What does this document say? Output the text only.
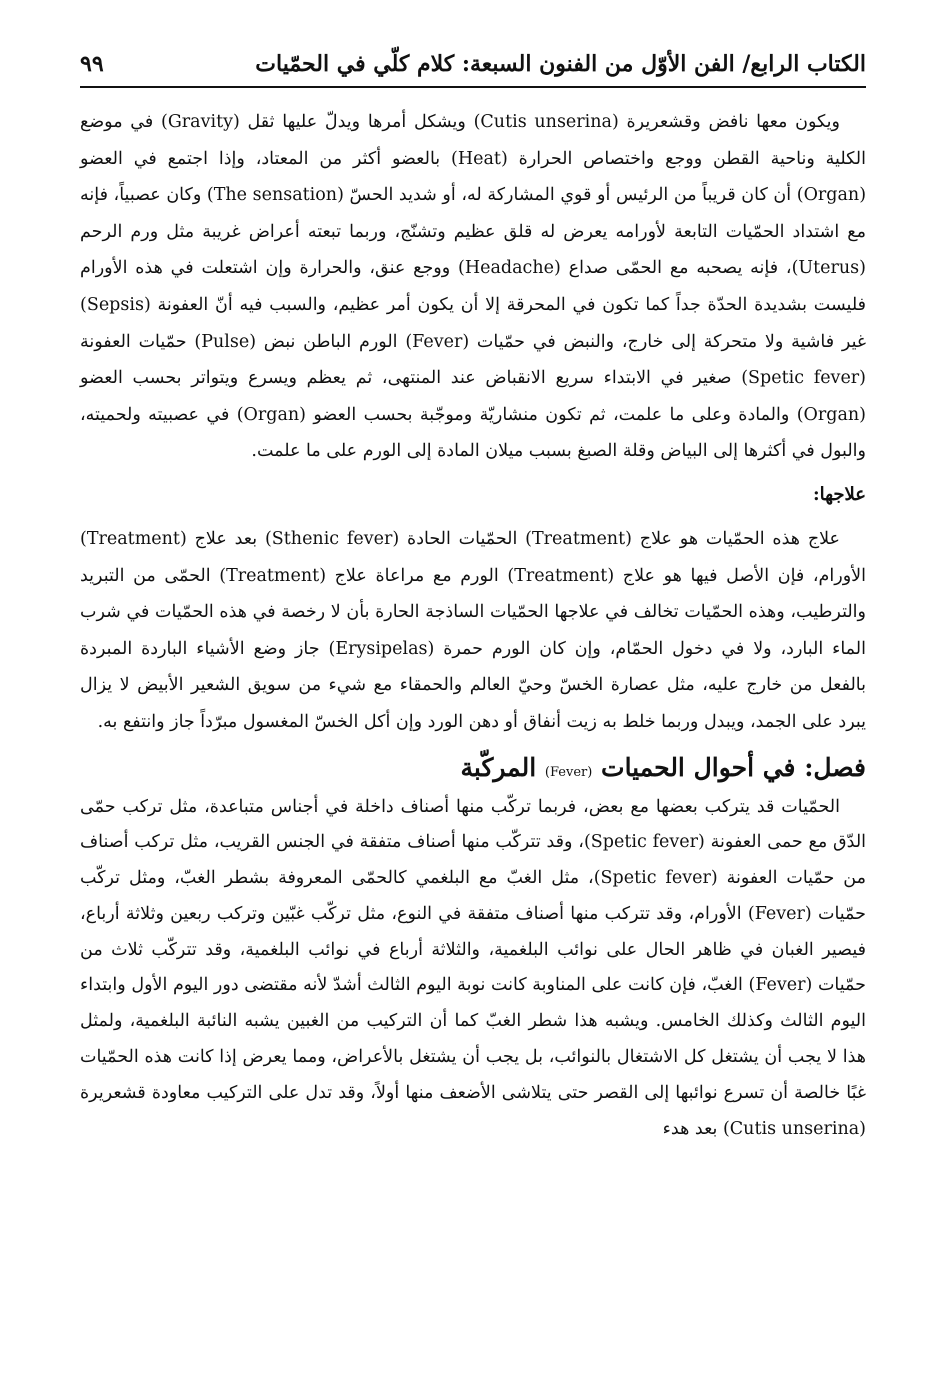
٩٩	الكتاب الرابع/ الفن الأوّل من الفنون السبعة: كلام كلّي في الحمّيات

ويكون معها نافض وقشعريرة (Cutis unserina) ويشكل أمرها ويدلّ عليها ثقل (Gravity) في موضع الكلية وناحية القطن ووجع واختصاص الحرارة (Heat) بالعضو أكثر من المعتاد، وإذا اجتمع في العضو (Organ) أن كان قريباً من الرئيس أو قوي المشاركة له، أو شديد الحسّ (The sensation) وكان عصبياً، فإنه مع اشتداد الحمّيات التابعة لأورامه يعرض له قلق عظيم وتشنّج، وربما تبعته أعراض غريبة مثل ورم الرحم (Uterus)، فإنه يصحبه مع الحمّى صداع (Headache) ووجع عنق، والحرارة وإن اشتعلت في هذه الأورام فليست بشديدة الحدّة جداً كما تكون في المحرقة إلا أن يكون أمر عظيم، والسبب فيه أنّ العفونة (Sepsis) غير فاشية ولا متحركة إلى خارج، والنبض في حمّيات (Fever) الورم الباطن نبض (Pulse) حمّيات العفونة (Spetic fever) صغير في الابتداء سريع الانقباض عند المنتهى، ثم يعظم ويسرع ويتواتر بحسب العضو (Organ) والمادة وعلى ما علمت، ثم تكون منشاريّة وموجّبة بحسب العضو (Organ) في عصبيته ولحميته، والبول في أكثرها إلى البياض وقلة الصبغ بسبب ميلان المادة إلى الورم على ما علمت.

علاجها:

علاج هذه الحمّيات هو علاج (Treatment) الحمّيات الحادة (Sthenic fever) بعد علاج (Treatment) الأورام، فإن الأصل فيها هو علاج (Treatment) الورم مع مراعاة علاج (Treatment) الحمّى من التبريد والترطيب، وهذه الحمّيات تخالف في علاجها الحمّيات الساذجة الحارة بأن لا رخصة في هذه الحمّيات في شرب الماء البارد، ولا في دخول الحمّام، وإن كان الورم حمرة (Erysipelas) جاز وضع الأشياء الباردة المبردة بالفعل من خارج عليه، مثل عصارة الخسّ وحيّ العالم والحمقاء مع شيء من سويق الشعير الأبيض لا يزال يبرد على الجمد، ويبدل وربما خلط به زيت أنفاق أو دهن الورد وإن أكل الخسّ المغسول مبرّداً جاز وانتفع به.

فصل: في أحوال الحميات (Fever) المركّبة

الحمّيات قد يتركب بعضها مع بعض، فربما تركّب منها أصناف داخلة في أجناس متباعدة، مثل تركب حمّى الدّق مع حمى العفونة (Spetic fever)، وقد تتركّب منها أصناف متفقة في الجنس القريب، مثل تركب أصناف من حمّيات العفونة (Spetic fever)، مثل الغبّ مع البلغمي كالحمّى المعروفة بشطر الغبّ، ومثل تركّب حمّيات (Fever) الأورام، وقد تتركب منها أصناف متفقة في النوع، مثل تركّب غبّين وتركب ربعين وثلاثة أرباع، فيصير الغبان في ظاهر الحال على نوائب البلغمية، والثلاثة أرباع في نوائب البلغمية، وقد تتركّب ثلاث من حمّيات (Fever) الغبّ، فإن كانت على المناوبة كانت نوبة اليوم الثالث أشدّ لأنه مقتضى دور اليوم الأول وابتداء اليوم الثالث وكذلك الخامس. ويشبه هذا شطر الغبّ كما أن التركيب من الغبين يشبه النائبة البلغمية، ولمثل هذا لا يجب أن يشتغل كل الاشتغال بالنوائب، بل يجب أن يشتغل بالأعراض، ومما يعرض إذا كانت هذه الحمّيات غبًا خالصة أن تسرع نوائبها إلى القصر حتى يتلاشى الأضعف منها أولاً، وقد تدل على التركيب معاودة قشعريرة (Cutis unserina) بعد هدء
